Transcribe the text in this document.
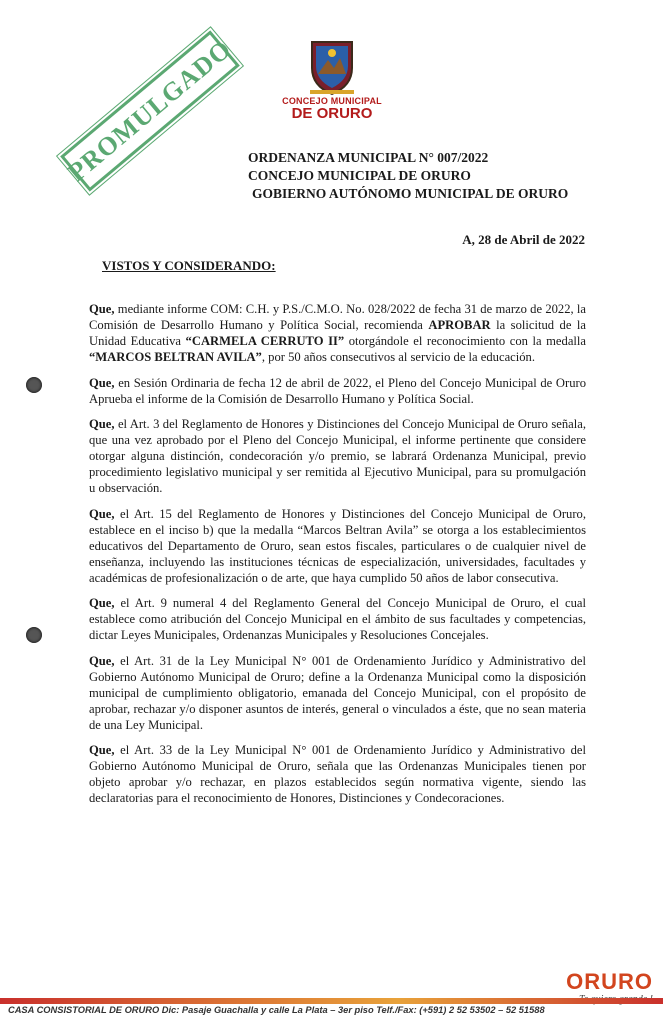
CONCEJO MUNICIPAL
DE ORURO
PROMULGADO ORDENANZA MUNICIPAL N° 007/2022
CONCEJO MUNICIPAL DE ORURO
GOBIERNO AUTÓNOMO MUNICIPAL DE ORURO
A, 28 de Abril de 2022
VISTOS Y CONSIDERANDO:

Que, mediante informe COM: C.H. y P.S./C.M.O. No. 028/2022 de fecha 31 de marzo de 2022, la Comisión de Desarrollo Humano y Política Social, recomienda APROBAR la solicitud de la Unidad Educativa “CARMELA CERRUTO II” otorgándole el reconocimiento con la medalla “MARCOS BELTRAN AVILA”, por 50 años consecutivos al servicio de la educación.

Que, en Sesión Ordinaria de fecha 12 de abril de 2022, el Pleno del Concejo Municipal de Oruro Aprueba el informe de la Comisión de Desarrollo Humano y Política Social.

Que, el Art. 3 del Reglamento de Honores y Distinciones del Concejo Municipal de Oruro señala, que una vez aprobado por el Pleno del Concejo Municipal, el informe pertinente que considere otorgar alguna distinción, condecoración y/o premio, se labrará Ordenanza Municipal, previo procedimiento legislativo municipal y ser remitida al Ejecutivo Municipal, para su promulgación u observación.

Que, el Art. 15 del Reglamento de Honores y Distinciones del Concejo Municipal de Oruro, establece en el inciso b) que la medalla “Marcos Beltran Avila” se otorga a los establecimientos educativos del Departamento de Oruro, sean estos fiscales, particulares o de cualquier nivel de enseñanza, incluyendo las instituciones técnicas de especialización, universidades, facultades y académicas de profesionalización o de arte, que haya cumplido 50 años de labor consecutiva.

Que, el Art. 9 numeral 4 del Reglamento General del Concejo Municipal de Oruro, el cual establece como atribución del Concejo Municipal en el ámbito de sus facultades y competencias, dictar Leyes Municipales, Ordenanzas Municipales y Resoluciones Concejales.

Que, el Art. 31 de la Ley Municipal N° 001 de Ordenamiento Jurídico y Administrativo del Gobierno Autónomo Municipal de Oruro; define a la Ordenanza Municipal como la disposición municipal de cumplimiento obligatorio, emanada del Concejo Municipal, con el propósito de aprobar, rechazar y/o disponer asuntos de interés, general o vinculados a éste, que no sean materia de una Ley Municipal.

Que, el Art. 33 de la Ley Municipal N° 001 de Ordenamiento Jurídico y Administrativo del Gobierno Autónomo Municipal de Oruro, señala que las Ordenanzas Municipales tienen por objeto aprobar y/o rechazar, en plazos establecidos según normativa vigente, siendo las declaratorias para el reconocimiento de Honores, Distinciones y Condecoraciones.

ORURO
CASA CONSISTORIAL DE ORURO Dic: Pasaje Guachalla y calle La Plata – 3er piso Telf./Fax: (+591) 2 52 53502 – 52 51588
